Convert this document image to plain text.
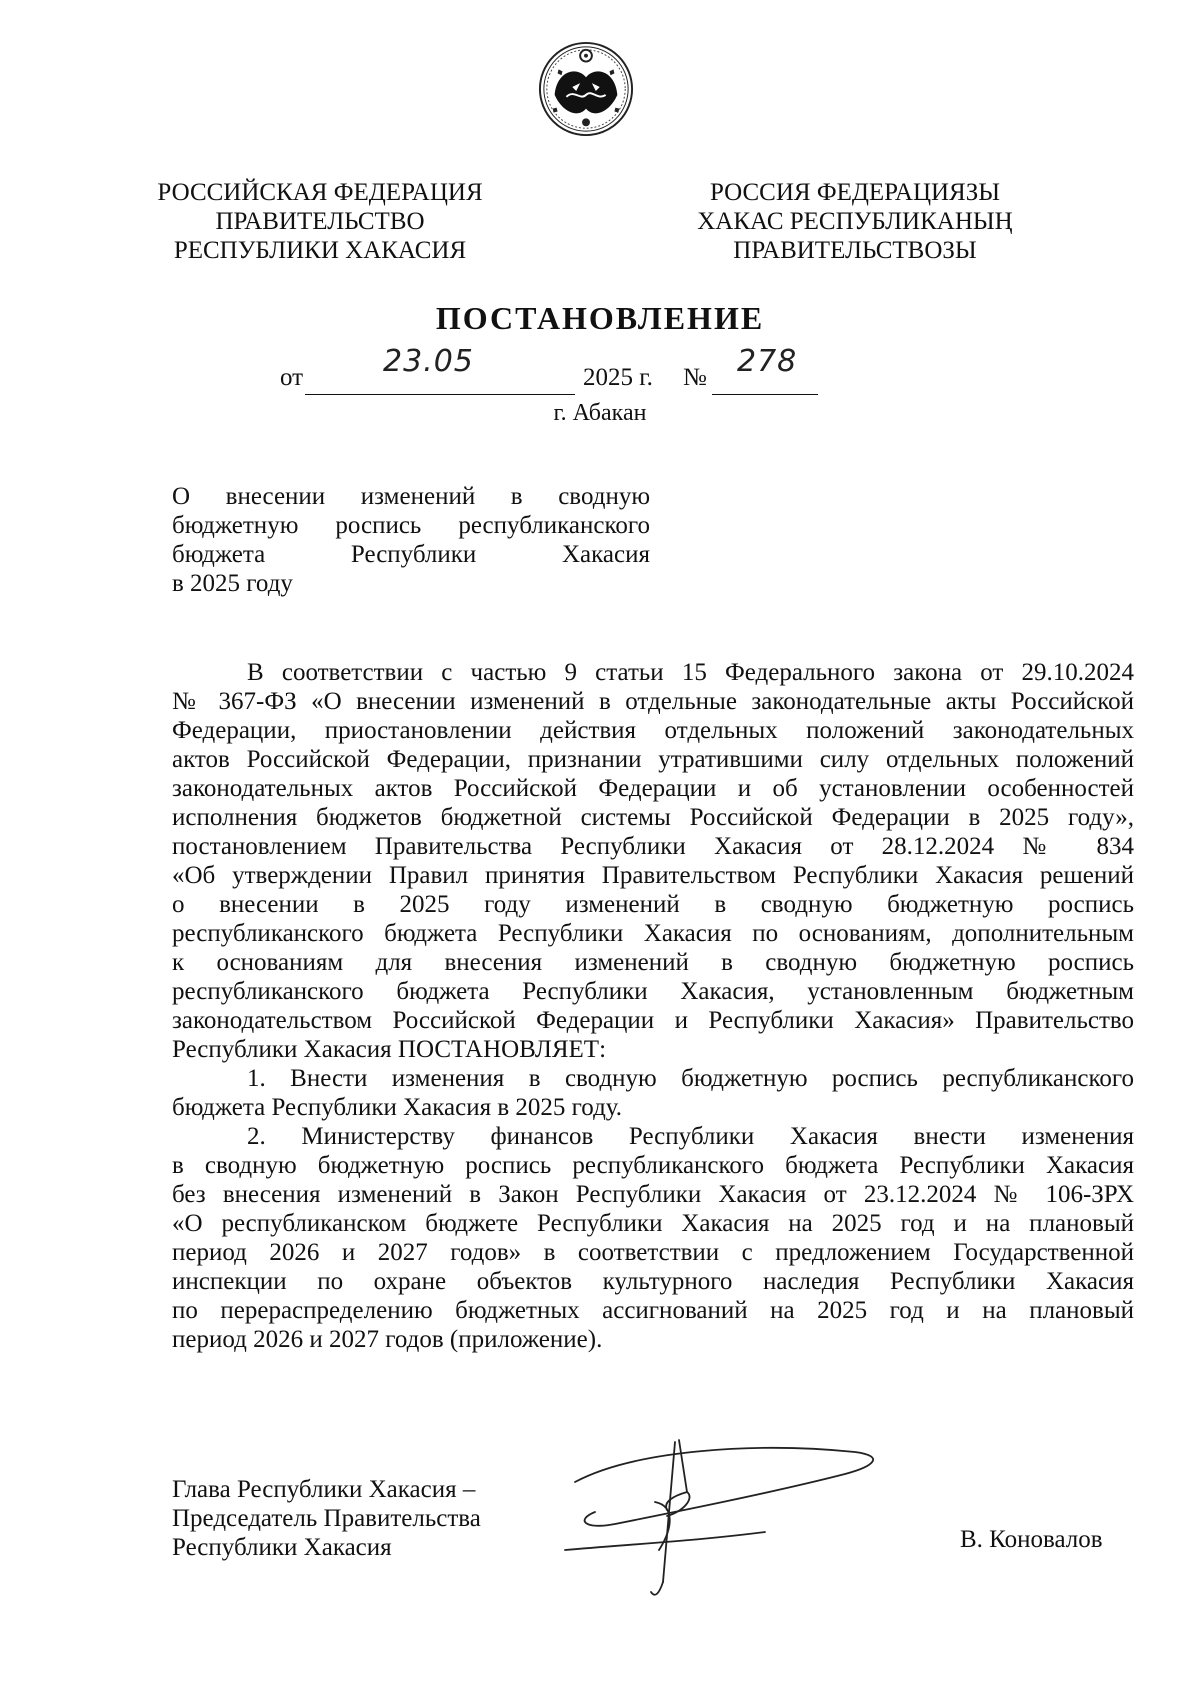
РОССИЙСКАЯ ФЕДЕРАЦИЯ
ПРАВИТЕЛЬСТВО
РЕСПУБЛИКИ ХАКАСИЯ
РОССИЯ ФЕДЕРАЦИЯЗЫ
ХАКАС РЕСПУБЛИКАНЫҢ
ПРАВИТЕЛЬСТВОЗЫ
ПОСТАНОВЛЕНИЕ
от	23.05	2025 г. № 278
г. Абакан
О внесении изменений в сводную
бюджетную роспись республиканского
бюджета Республики Хакасия
в 2025 году
В соответствии с частью 9 статьи 15 Федерального закона от 29.10.2024
№ 367-ФЗ «О внесении изменений в отдельные законодательные акты Российской
Федерации, приостановлении действия отдельных положений законодательных
актов Российской Федерации, признании утратившими силу отдельных положений
законодательных актов Российской Федерации и об установлении особенностей
исполнения бюджетов бюджетной системы Российской Федерации в 2025 году»,
постановлением Правительства Республики Хакасия от 28.12.2024 № 834
«Об утверждении Правил принятия Правительством Республики Хакасия решений
о внесении в 2025 году изменений в сводную бюджетную роспись
республиканского бюджета Республики Хакасия по основаниям, дополнительным
к основаниям для внесения изменений в сводную бюджетную роспись
республиканского бюджета Республики Хакасия, установленным бюджетным
законодательством Российской Федерации и Республики Хакасия» Правительство
Республики Хакасия ПОСТАНОВЛЯЕТ:
1. Внести изменения в сводную бюджетную роспись республиканского
бюджета Республики Хакасия в 2025 году.
2. Министерству финансов Республики Хакасия внести изменения
в сводную бюджетную роспись республиканского бюджета Республики Хакасия
без внесения изменений в Закон Республики Хакасия от 23.12.2024 № 106-ЗРХ
«О республиканском бюджете Республики Хакасия на 2025 год и на плановый
период 2026 и 2027 годов» в соответствии с предложением Государственной
инспекции по охране объектов культурного наследия Республики Хакасия
по перераспределению бюджетных ассигнований на 2025 год и на плановый
период 2026 и 2027 годов (приложение).
Глава Республики Хакасия –
Председатель Правительства
Республики Хакасия	В. Коновалов
